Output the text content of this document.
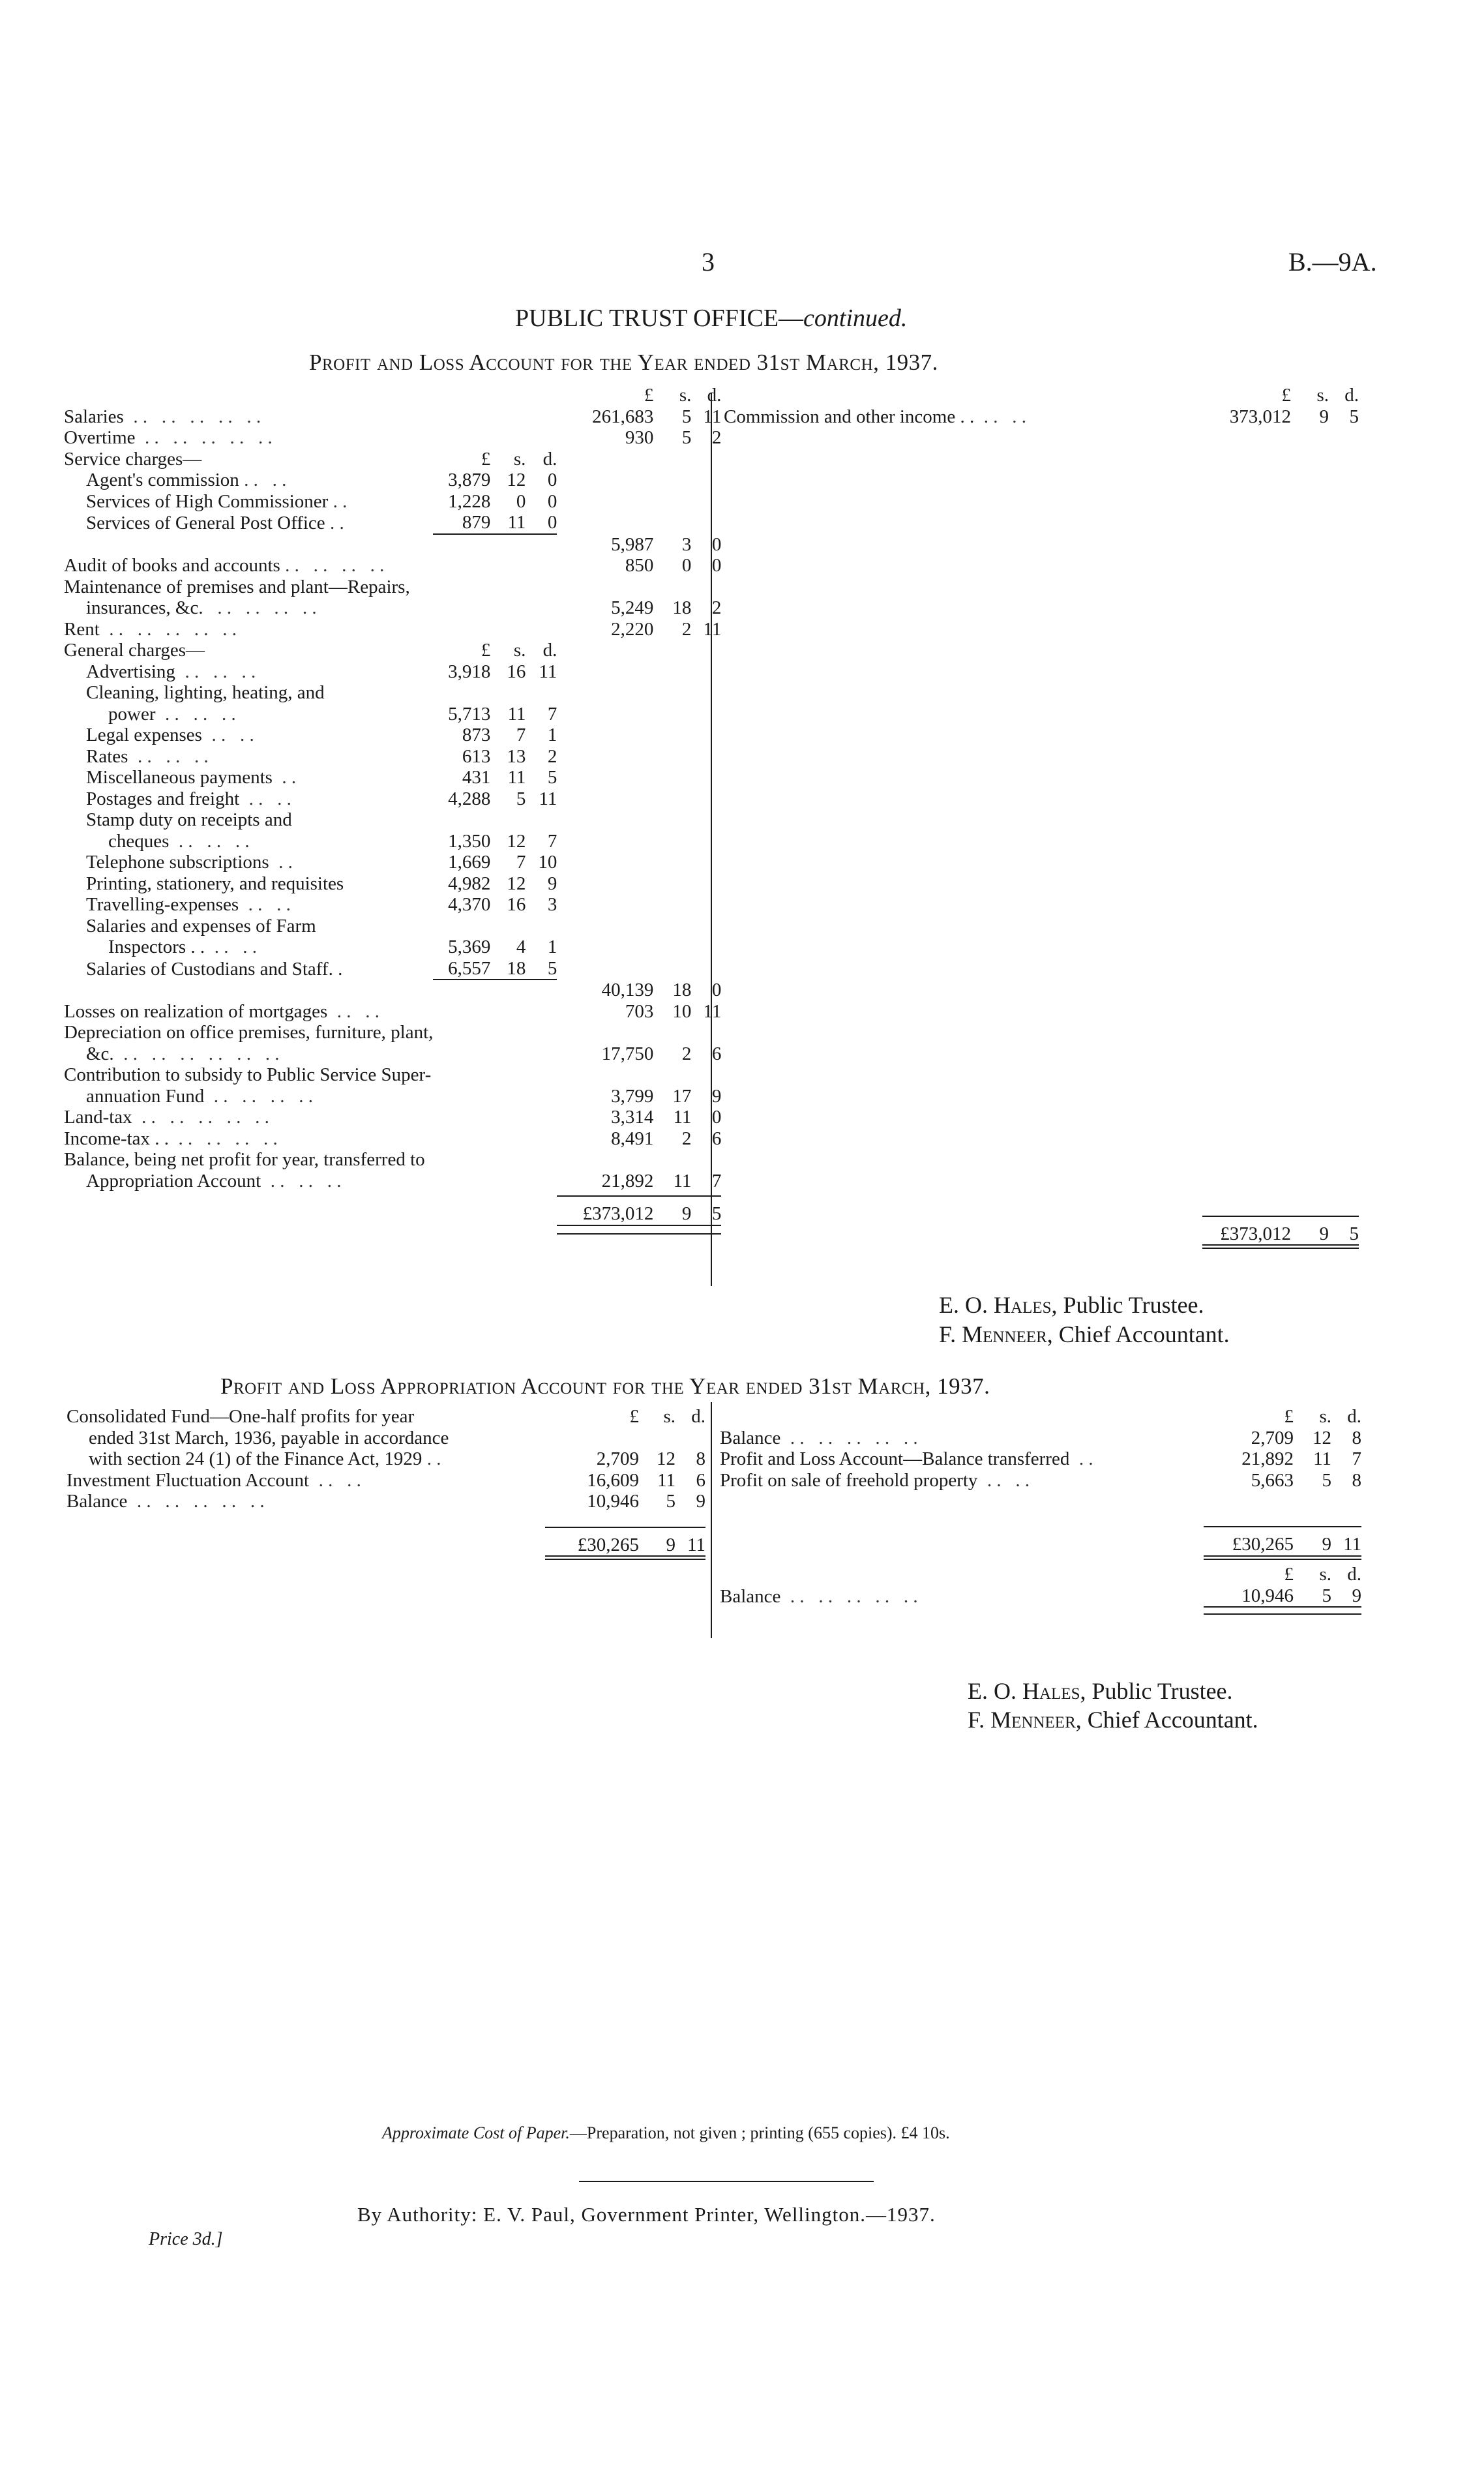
3	B.—9A.
PUBLIC TRUST OFFICE—continued.
Profit and Loss Account for the Year ended 31st March, 1937.
				£	s.	d.
Salaries  . .   . .   . .   . .   . .				261,683	5	11
Overtime  . .   . .   . .   . .   . .				930	5	2
Service charges—	£	s.	d.			
Agent's commission . .   . .	3,879	12	0			
Services of High Commissioner . .	1,228	0	0			
Services of General Post Office . .	879	11	0			
				5,987	3	0
Audit of books and accounts . .   . .   . .   . .				850	0	0
Maintenance of premises and plant—Repairs,						
insurances, &c.   . .   . .   . .   . .				5,249	18	2
Rent  . .   . .   . .   . .   . .				2,220	2	11
General charges—	£	s.	d.			
Advertising  . .   . .   . .	3,918	16	11			
Cleaning, lighting, heating, and						
power  . .   . .   . .	5,713	11	7			
Legal expenses  . .   . .	873	7	1			
Rates  . .   . .   . .	613	13	2			
Miscellaneous payments  . .	431	11	5			
Postages and freight  . .   . .	4,288	5	11			
Stamp duty on receipts and						
cheques  . .   . .   . .	1,350	12	7			
Telephone subscriptions  . .	1,669	7	10			
Printing, stationery, and requisites	4,982	12	9			
Travelling-expenses  . .   . .	4,370	16	3			
Salaries and expenses of Farm						
Inspectors . .  . .   . .	5,369	4	1			
Salaries of Custodians and Staff. .	6,557	18	5			
				40,139	18	0
Losses on realization of mortgages  . .   . .				703	10	11
Depreciation on office premises, furniture, plant,						
&c.  . .   . .   . .   . .   . .   . .				17,750	2	6
Contribution to subsidy to Public Service Super-						
annuation Fund  . .   . .   . .   . .				3,799	17	9
Land-tax  . .   . .   . .   . .   . .				3,314	11	0
Income-tax . .  . .   . .   . .   . .				8,491	2	6
Balance, being net profit for year, transferred to						
Appropriation Account  . .   . .   . .				21,892	11	7

				£373,012	9	5

	£	s.	d.
Commission and other income . .  . .   . .	373,012	9	5

	£373,012	9	5

E. O. Hales, Public Trustee.
F. Menneer, Chief Accountant.
Profit and Loss Appropriation Account for the Year ended 31st March, 1937.
Consolidated Fund—One-half profits for year	£	s.	d.
ended 31st March, 1936, payable in accordance			
with section 24 (1) of the Finance Act, 1929 . .	2,709	12	8
Investment Fluctuation Account  . .   . .	16,609	11	6
Balance  . .   . .   . .   . .   . .	10,946	5	9

	£30,265	9	11

	£	s.	d.
Balance  . .   . .   . .   . .   . .	2,709	12	8
Profit and Loss Account—Balance transferred  . .	21,892	11	7
Profit on sale of freehold property  . .   . .	5,663	5	8

	£30,265	9	11

	£	s.	d.
Balance  . .   . .   . .   . .   . .	10,946	5	9

E. O. Hales, Public Trustee.
F. Menneer, Chief Accountant.
Approximate Cost of Paper.—Preparation, not given ; printing (655 copies). £4 10s.
By Authority: E. V. Paul, Government Printer, Wellington.—1937.
Price 3d.]
